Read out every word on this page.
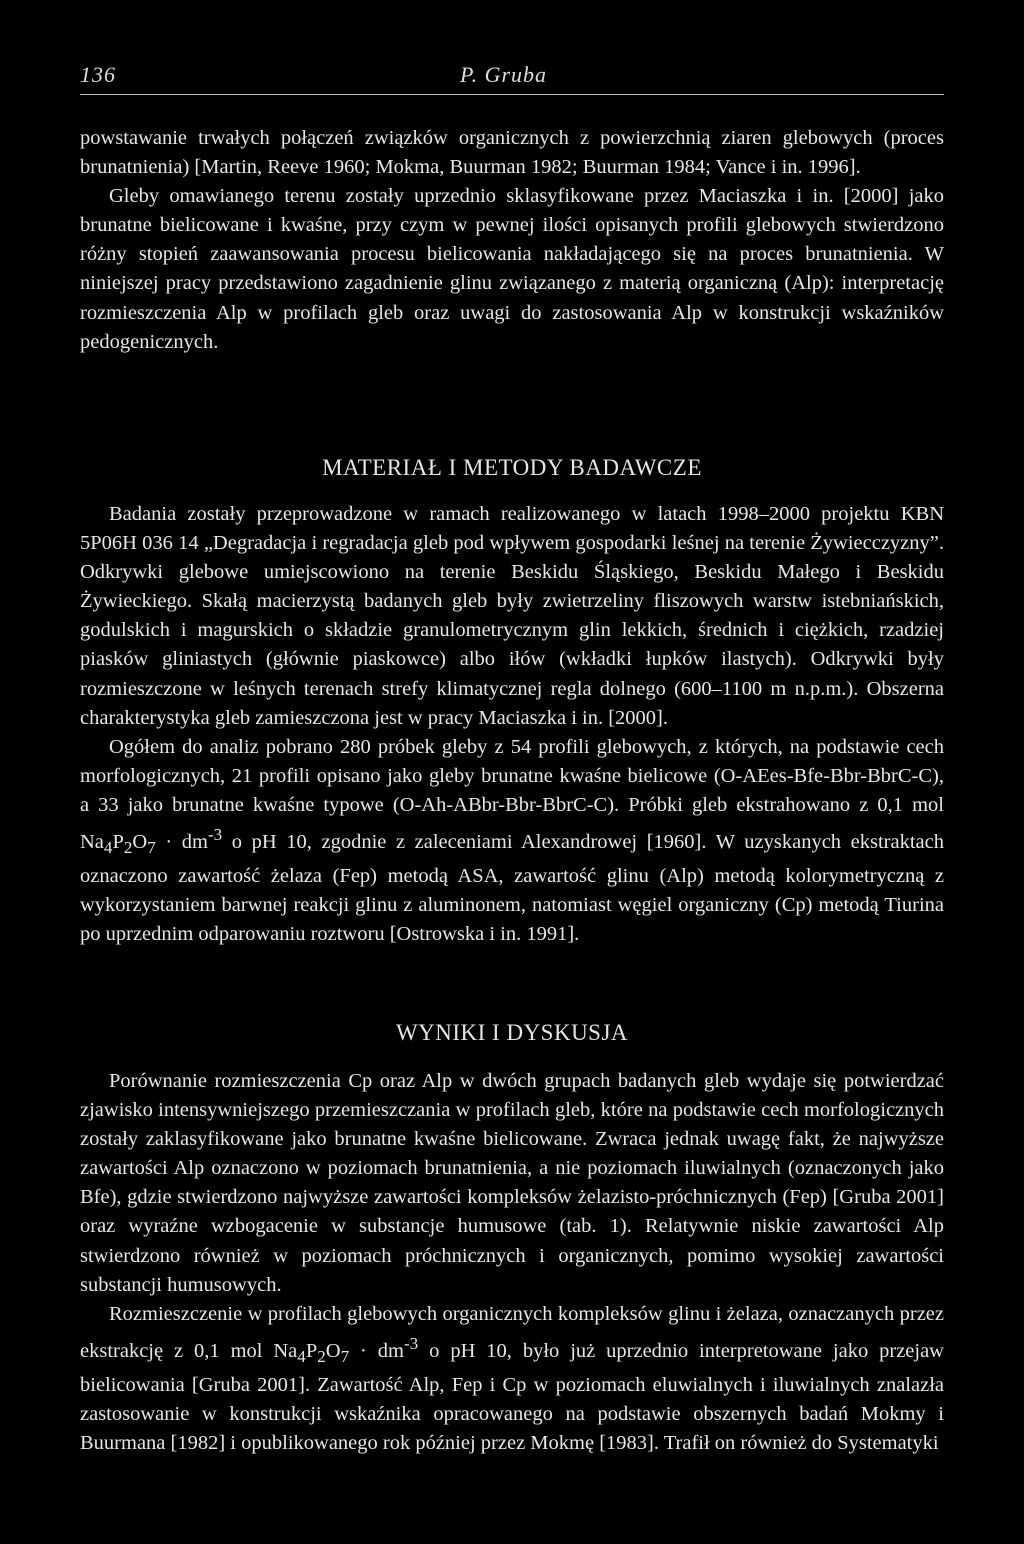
136	P. Gruba

powstawanie trwałych połączeń związków organicznych z powierzchnią ziaren glebowych (proces brunatnienia) [Martin, Reeve 1960; Mokma, Buurman 1982; Buurman 1984; Vance i in. 1996].

Gleby omawianego terenu zostały uprzednio sklasyfikowane przez Maciaszka i in. [2000] jako brunatne bielicowane i kwaśne, przy czym w pewnej ilości opisanych profili glebowych stwierdzono różny stopień zaawansowania procesu bielicowania nakładającego się na proces brunatnienia. W niniejszej pracy przedstawiono zagadnienie glinu związanego z materią organiczną (Alp): interpretację rozmieszczenia Alp w profilach gleb oraz uwagi do zastosowania Alp w konstrukcji wskaźników pedogenicznych.

MATERIAŁ I METODY BADAWCZE

Badania zostały przeprowadzone w ramach realizowanego w latach 1998–2000 projektu KBN 5P06H 036 14 „Degradacja i regradacja gleb pod wpływem gospodarki leśnej na terenie Żywiecczyzny”. Odkrywki glebowe umiejscowiono na terenie Beskidu Śląskiego, Beskidu Małego i Beskidu Żywieckiego. Skałą macierzystą badanych gleb były zwietrzeliny fliszowych warstw istebniańskich, godulskich i magurskich o składzie granulometrycznym glin lekkich, średnich i ciężkich, rzadziej piasków gliniastych (głównie piaskowce) albo iłów (wkładki łupków ilastych). Odkrywki były rozmieszczone w leśnych terenach strefy klimatycznej regla dolnego (600–1100 m n.p.m.). Obszerna charakterystyka gleb zamieszczona jest w pracy Maciaszka i in. [2000].

Ogółem do analiz pobrano 280 próbek gleby z 54 profili glebowych, z których, na podstawie cech morfologicznych, 21 profili opisano jako gleby brunatne kwaśne bielicowe (O-AEes-Bfe-Bbr-BbrC-C), a 33 jako brunatne kwaśne typowe (O-Ah-ABbr-Bbr-BbrC-C). Próbki gleb ekstrahowano z 0,1 mol $Na_4P_2O_7 \cdot dm^{-3}$ o pH 10, zgodnie z zaleceniami Alexandrowej [1960]. W uzyskanych ekstraktach oznaczono zawartość żelaza (Fep) metodą ASA, zawartość glinu (Alp) metodą kolorymetryczną z wykorzystaniem barwnej reakcji glinu z aluminonem, natomiast węgiel organiczny (Cp) metodą Tiurina po uprzednim odparowaniu roztworu [Ostrowska i in. 1991].

WYNIKI I DYSKUSJA

Porównanie rozmieszczenia Cp oraz Alp w dwóch grupach badanych gleb wydaje się potwierdzać zjawisko intensywniejszego przemieszczania w profilach gleb, które na podstawie cech morfologicznych zostały zaklasyfikowane jako brunatne kwaśne bielicowane. Zwraca jednak uwagę fakt, że najwyższe zawartości Alp oznaczono w poziomach brunatnienia, a nie poziomach iluwialnych (oznaczonych jako Bfe), gdzie stwierdzono najwyższe zawartości kompleksów żelazisto-próchnicznych (Fep) [Gruba 2001] oraz wyraźne wzbogacenie w substancje humusowe (tab. 1). Relatywnie niskie zawartości Alp stwierdzono również w poziomach próchnicznych i organicznych, pomimo wysokiej zawartości substancji humusowych.

Rozmieszczenie w profilach glebowych organicznych kompleksów glinu i żelaza, oznaczanych przez ekstrakcję z 0,1 mol $Na_4P_2O_7 \cdot dm^{-3}$ o pH 10, było już uprzednio interpretowane jako przejaw bielicowania [Gruba 2001]. Zawartość Alp, Fep i Cp w poziomach eluwialnych i iluwialnych znalazła zastosowanie w konstrukcji wskaźnika opracowanego na podstawie obszernych badań Mokmy i Buurmana [1982] i opublikowanego rok później przez Mokmę [1983]. Trafił on również do Systematyki
